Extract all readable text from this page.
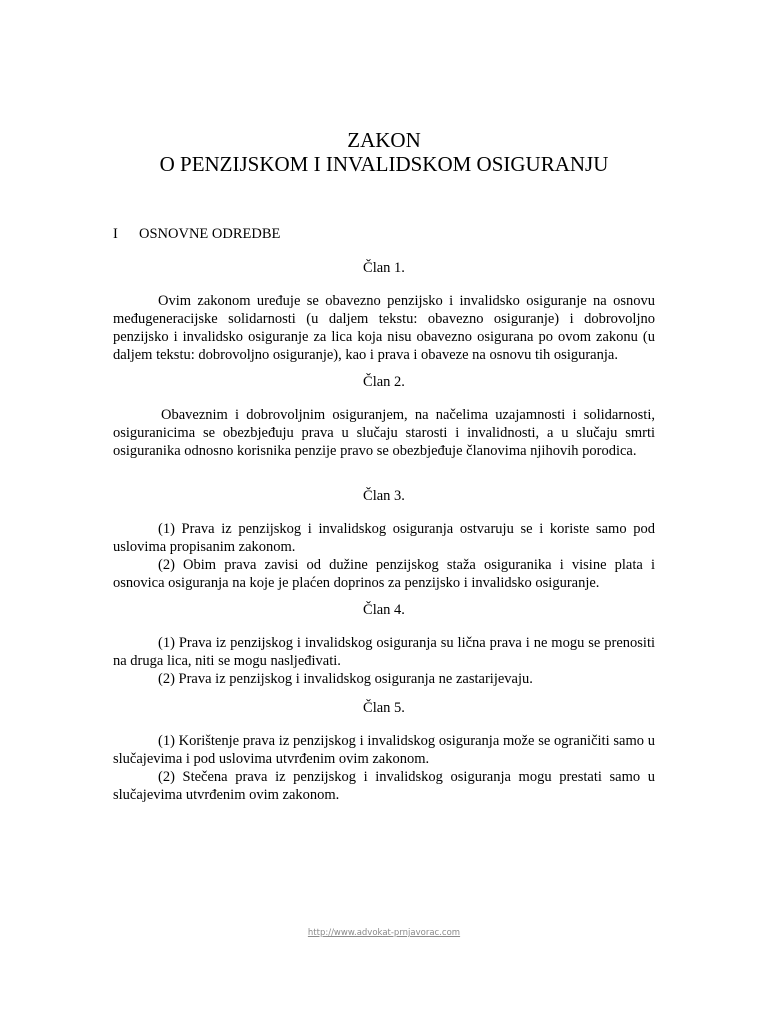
ZAKON
O PENZIJSKOM I INVALIDSKOM OSIGURANJU
I OSNOVNE ODREDBE

Član 1.

Ovim zakonom uređuje se obavezno penzijsko i invalidsko osiguranje na osnovu međugeneracijske solidarnosti (u daljem tekstu: obavezno osiguranje) i dobrovoljno penzijsko i invalidsko osiguranje za lica koja nisu obavezno osigurana po ovom zakonu (u daljem tekstu: dobrovoljno osiguranje), kao i prava i obaveze na osnovu tih osiguranja.

Član 2.

Obaveznim i dobrovoljnim osiguranjem, na načelima uzajamnosti i solidarnosti, osiguranicima se obezbjeđuju prava u slučaju starosti i invalidnosti, a u slučaju smrti osiguranika odnosno korisnika penzije pravo se obezbjeđuje članovima njihovih porodica.

Član 3.

(1) Prava iz penzijskog i invalidskog osiguranja ostvaruju se i koriste samo pod uslovima propisanim zakonom.

(2) Obim prava zavisi od dužine penzijskog staža osiguranika i visine plata i osnovica osiguranja na koje je plaćen doprinos za penzijsko i invalidsko osiguranje.

Član 4.

(1) Prava iz penzijskog i invalidskog osiguranja su lična prava i ne mogu se prenositi na druga lica, niti se mogu nasljeđivati.

(2) Prava iz penzijskog i invalidskog osiguranja ne zastarijevaju.

Član 5.

(1) Korištenje prava iz penzijskog i invalidskog osiguranja može se ograničiti samo u slučajevima i pod uslovima utvrđenim ovim zakonom.

(2) Stečena prava iz penzijskog i invalidskog osiguranja mogu prestati samo u slučajevima utvrđenim ovim zakonom.

http://www.advokat-prnjavorac.com
